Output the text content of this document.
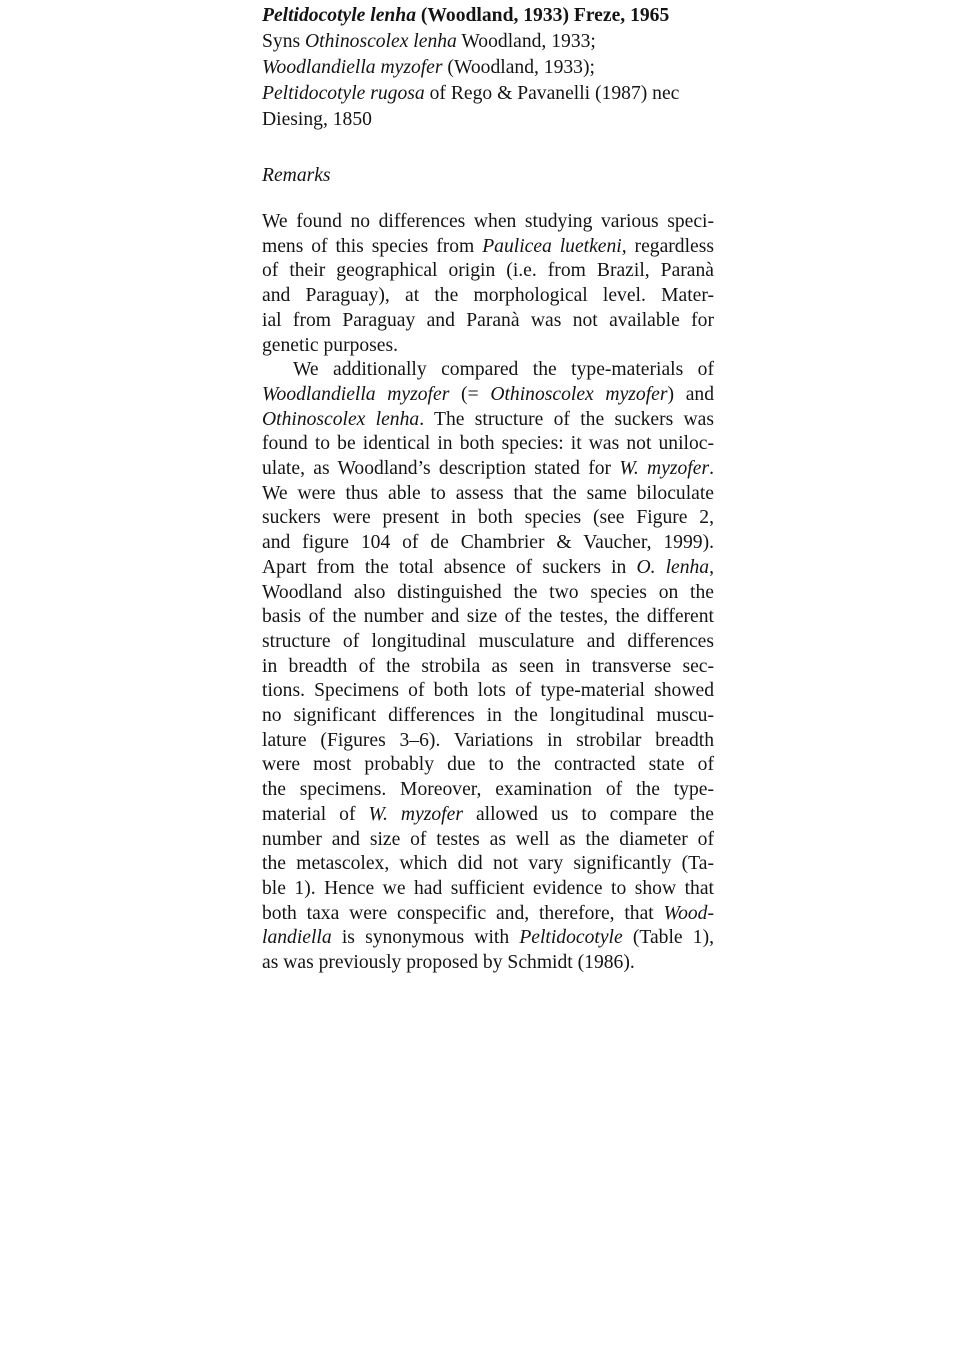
Peltidocotyle lenha (Woodland, 1933) Freze, 1965
Syns Othinoscolex lenha Woodland, 1933;
Woodlandiella myzofer (Woodland, 1933);
Peltidocotyle rugosa of Rego & Pavanelli (1987) nec
Diesing, 1850
Remarks
We found no differences when studying various speci-
mens of this species from Paulicea luetkeni, regardless
of their geographical origin (i.e. from Brazil, Paranà
and Paraguay), at the morphological level. Mater-
ial from Paraguay and Paranà was not available for
genetic purposes.
We additionally compared the type-materials of
Woodlandiella myzofer (= Othinoscolex myzofer) and
Othinoscolex lenha. The structure of the suckers was
found to be identical in both species: it was not uniloc-
ulate, as Woodland’s description stated for W. myzofer.
We were thus able to assess that the same biloculate
suckers were present in both species (see Figure 2,
and figure 104 of de Chambrier & Vaucher, 1999).
Apart from the total absence of suckers in O. lenha,
Woodland also distinguished the two species on the
basis of the number and size of the testes, the different
structure of longitudinal musculature and differences
in breadth of the strobila as seen in transverse sec-
tions. Specimens of both lots of type-material showed
no significant differences in the longitudinal muscu-
lature (Figures 3–6). Variations in strobilar breadth
were most probably due to the contracted state of
the specimens. Moreover, examination of the type-
material of W. myzofer allowed us to compare the
number and size of testes as well as the diameter of
the metascolex, which did not vary significantly (Ta-
ble 1). Hence we had sufficient evidence to show that
both taxa were conspecific and, therefore, that Wood-
landiella is synonymous with Peltidocotyle (Table 1),
as was previously proposed by Schmidt (1986).
